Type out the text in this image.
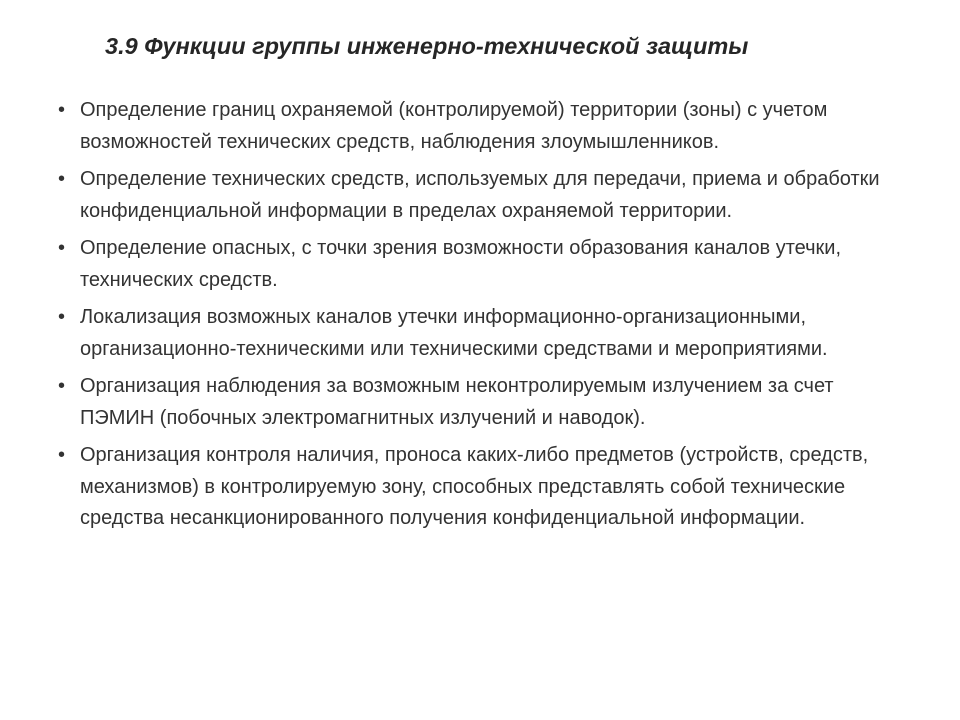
3.9 Функции группы инженерно-технической защиты
• Определение границ охраняемой (контролируемой) территории (зоны) с учетом возможностей технических средств, наблюдения злоумышленников.
• Определение технических средств, используемых для передачи, приема и обработки конфиденциальной информации в пределах охраняемой территории.
• Определение опасных, с точки зрения возможности образования каналов утечки, технических средств.
• Локализация возможных каналов утечки информационно-организационными, организационно-техническими или техническими средствами и мероприятиями.
• Организация наблюдения за возможным неконтролируемым излучением за счет ПЭМИН (побочных электромагнитных излучений и наводок).
• Организация контроля наличия, проноса каких-либо предметов (устройств, средств, механизмов) в контролируемую зону, способных представлять собой технические средства несанкционированного получения конфиденциальной информации.
